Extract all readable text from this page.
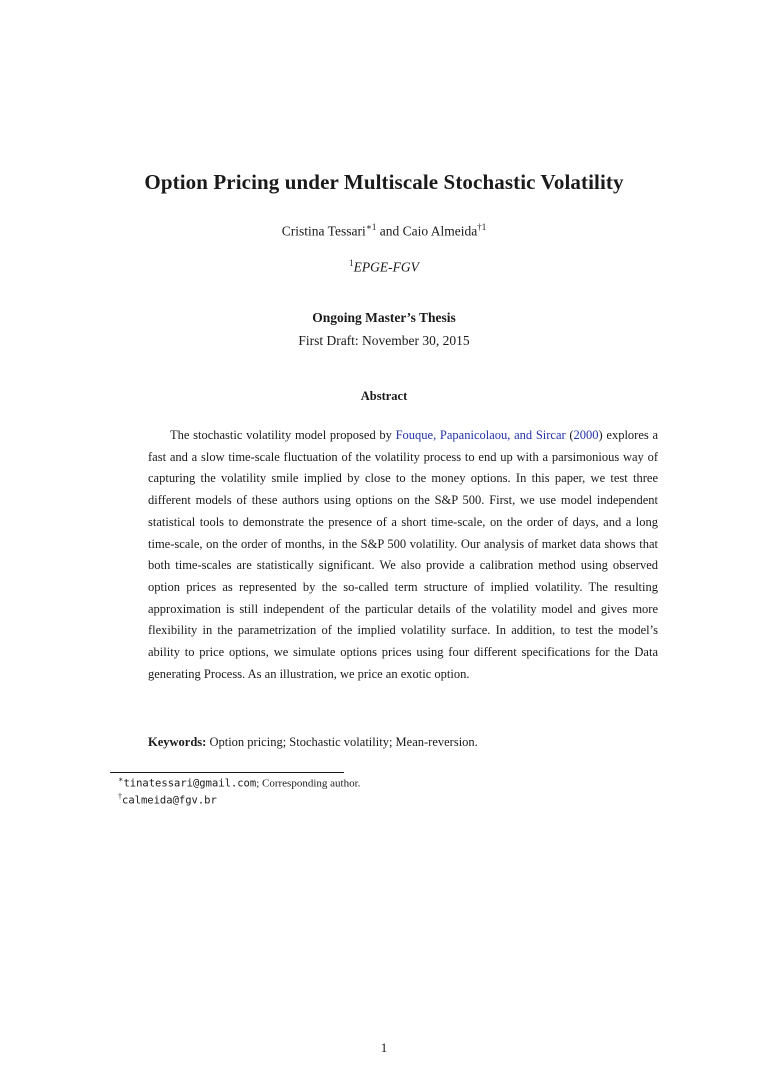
Option Pricing under Multiscale Stochastic Volatility
Cristina Tessari$^{∗1}$ and Caio Almeida$^{\dagger 1}$
$^1$EPGE-FGV
Ongoing Master’s Thesis
First Draft: November 30, 2015
Abstract

The stochastic volatility model proposed by Fouque, Papanicolaou, and Sircar (2000) explores a fast and a slow time-scale fluctuation of the volatility process to end up with a parsimonious way of capturing the volatility smile implied by close to the money options. In this paper, we test three different models of these authors using options on the S&P 500. First, we use model independent statistical tools to demonstrate the presence of a short time-scale, on the order of days, and a long time-scale, on the order of months, in the S&P 500 volatility. Our analysis of market data shows that both time-scales are statistically significant. We also provide a calibration method using observed option prices as represented by the so-called term structure of implied volatility. The resulting approximation is still independent of the particular details of the volatility model and gives more flexibility in the parametrization of the implied volatility surface. In addition, to test the model’s ability to price options, we simulate options prices using four different specifications for the Data generating Process. As an illustration, we price an exotic option.

Keywords: Option pricing; Stochastic volatility; Mean-reversion.
∗tinatessari@gmail.com; Corresponding author.
†calmeida@fgv.br
1
